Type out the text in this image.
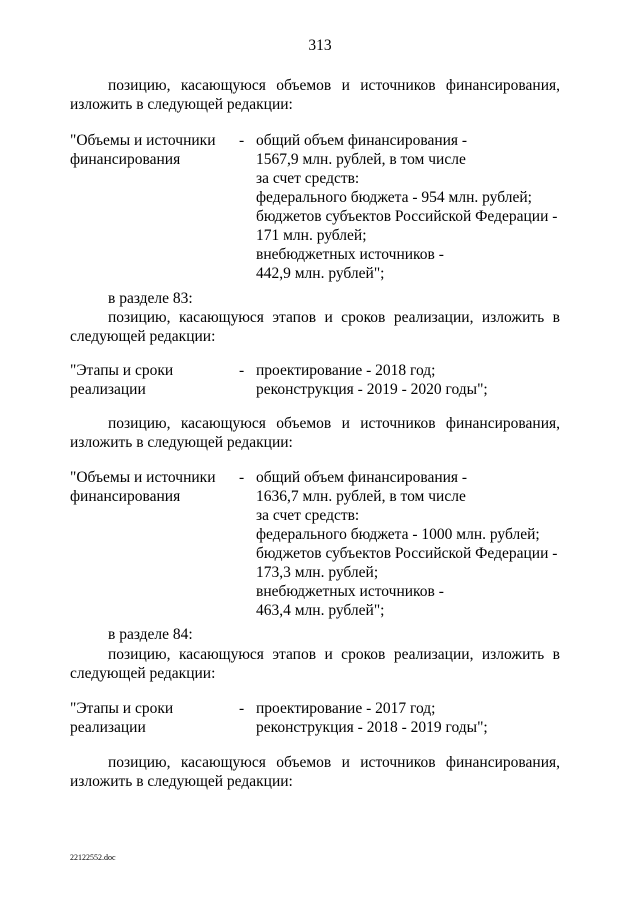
313
позицию, касающуюся объемов и источников финансирования,
изложить в следующей редакции:
"Объемы и источники
финансирования
- общий объем финансирования -
1567,9 млн. рублей, в том числе
за счет средств:
федерального бюджета - 954 млн. рублей;
бюджетов субъектов Российской Федерации -
171 млн. рублей;
внебюджетных источников -
442,9 млн. рублей";
в разделе 83:
позицию, касающуюся этапов и сроков реализации, изложить в
следующей редакции:
"Этапы и сроки
реализации
- проектирование - 2018 год;
реконструкция - 2019 - 2020 годы";
позицию, касающуюся объемов и источников финансирования,
изложить в следующей редакции:
"Объемы и источники
финансирования
- общий объем финансирования -
1636,7 млн. рублей, в том числе
за счет средств:
федерального бюджета - 1000 млн. рублей;
бюджетов субъектов Российской Федерации -
173,3 млн. рублей;
внебюджетных источников -
463,4 млн. рублей";
в разделе 84:
позицию, касающуюся этапов и сроков реализации, изложить в
следующей редакции:
"Этапы и сроки
реализации
- проектирование - 2017 год;
реконструкция - 2018 - 2019 годы";
позицию, касающуюся объемов и источников финансирования,
изложить в следующей редакции:
22122552.doc
